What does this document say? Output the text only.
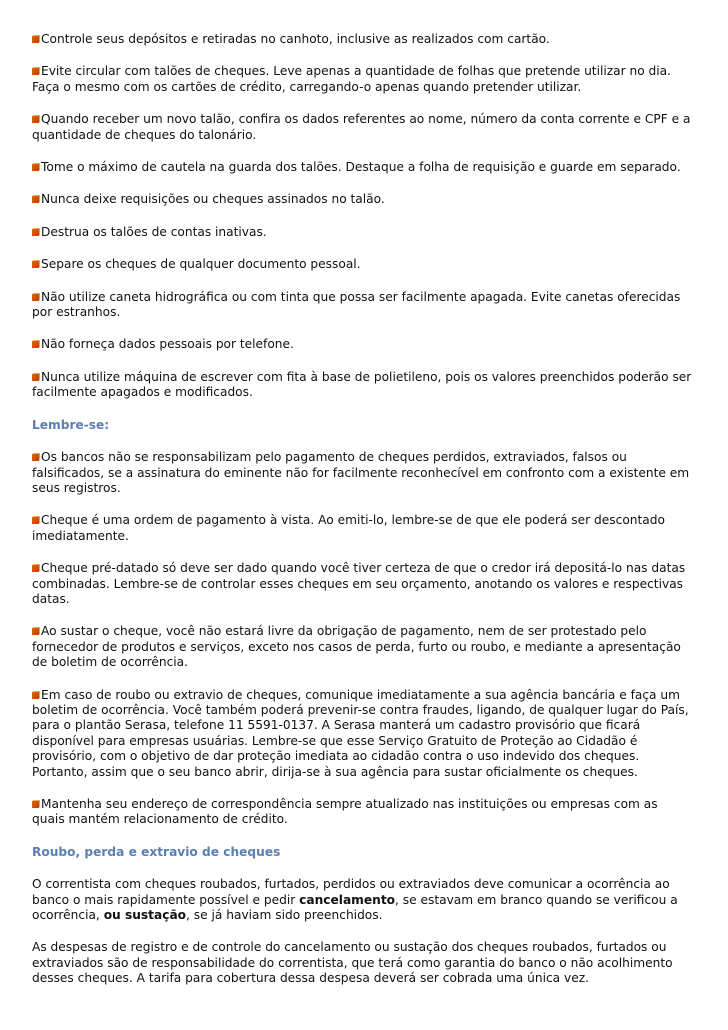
Controle seus depósitos e retiradas no canhoto, inclusive as realizados com cartão.

Evite circular com talões de cheques. Leve apenas a quantidade de folhas que pretende utilizar no dia. Faça o mesmo com os cartões de crédito, carregando-o apenas quando pretender utilizar.

Quando receber um novo talão, confira os dados referentes ao nome, número da conta corrente e CPF e a quantidade de cheques do talonário.

Tome o máximo de cautela na guarda dos talões. Destaque a folha de requisição e guarde em separado.

Nunca deixe requisições ou cheques assinados no talão.

Destrua os talões de contas inativas.

Separe os cheques de qualquer documento pessoal.

Não utilize caneta hidrográfica ou com tinta que possa ser facilmente apagada. Evite canetas oferecidas por estranhos.

Não forneça dados pessoais por telefone.

Nunca utilize máquina de escrever com fita à base de polietileno, pois os valores preenchidos poderão ser facilmente apagados e modificados.

Lembre-se:

Os bancos não se responsabilizam pelo pagamento de cheques perdidos, extraviados, falsos ou falsificados, se a assinatura do eminente não for facilmente reconhecível em confronto com a existente em seus registros.

Cheque é uma ordem de pagamento à vista. Ao emiti-lo, lembre-se de que ele poderá ser descontado imediatamente.

Cheque pré-datado só deve ser dado quando você tiver certeza de que o credor irá depositá-lo nas datas combinadas. Lembre-se de controlar esses cheques em seu orçamento, anotando os valores e respectivas datas.

Ao sustar o cheque, você não estará livre da obrigação de pagamento, nem de ser protestado pelo fornecedor de produtos e serviços, exceto nos casos de perda, furto ou roubo, e mediante a apresentação de boletim de ocorrência.

Em caso de roubo ou extravio de cheques, comunique imediatamente a sua agência bancária e faça um boletim de ocorrência. Você também poderá prevenir-se contra fraudes, ligando, de qualquer lugar do País, para o plantão Serasa, telefone 11 5591-0137. A Serasa manterá um cadastro provisório que ficará disponível para empresas usuárias. Lembre-se que esse Serviço Gratuito de Proteção ao Cidadão é provisório, com o objetivo de dar proteção imediata ao cidadão contra o uso indevido dos cheques. Portanto, assim que o seu banco abrir, dirija-se à sua agência para sustar oficialmente os cheques.

Mantenha seu endereço de correspondência sempre atualizado nas instituições ou empresas com as quais mantém relacionamento de crédito.

Roubo, perda e extravio de cheques

O correntista com cheques roubados, furtados, perdidos ou extraviados deve comunicar a ocorrência ao banco o mais rapidamente possível e pedir cancelamento, se estavam em branco quando se verificou a ocorrência, ou sustação, se já haviam sido preenchidos.

As despesas de registro e de controle do cancelamento ou sustação dos cheques roubados, furtados ou extraviados são de responsabilidade do correntista, que terá como garantia do banco o não acolhimento desses cheques. A tarifa para cobertura dessa despesa deverá ser cobrada uma única vez.
